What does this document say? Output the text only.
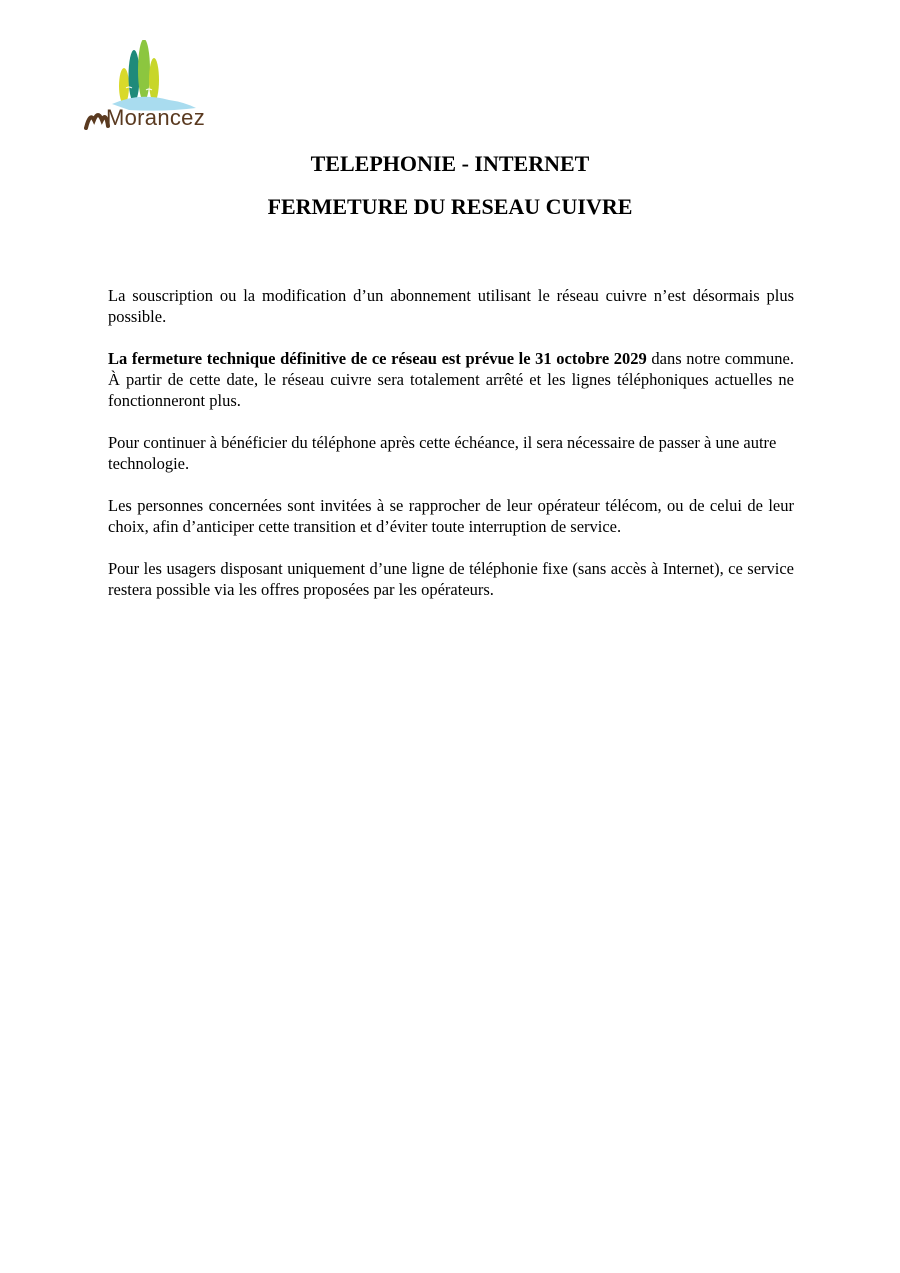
Morancez
TELEPHONIE - INTERNET
FERMETURE DU RESEAU CUIVRE

La souscription ou la modification d’un abonnement utilisant le réseau cuivre n’est désormais plus possible.

La fermeture technique définitive de ce réseau est prévue le 31 octobre 2029 dans notre commune. À partir de cette date, le réseau cuivre sera totalement arrêté et les lignes téléphoniques actuelles ne fonctionneront plus.

Pour continuer à bénéficier du téléphone après cette échéance, il sera nécessaire de passer à une autre technologie.

Les personnes concernées sont invitées à se rapprocher de leur opérateur télécom, ou de celui de leur choix, afin d’anticiper cette transition et d’éviter toute interruption de service.

Pour les usagers disposant uniquement d’une ligne de téléphonie fixe (sans accès à Internet), ce service restera possible via les offres proposées par les opérateurs.
